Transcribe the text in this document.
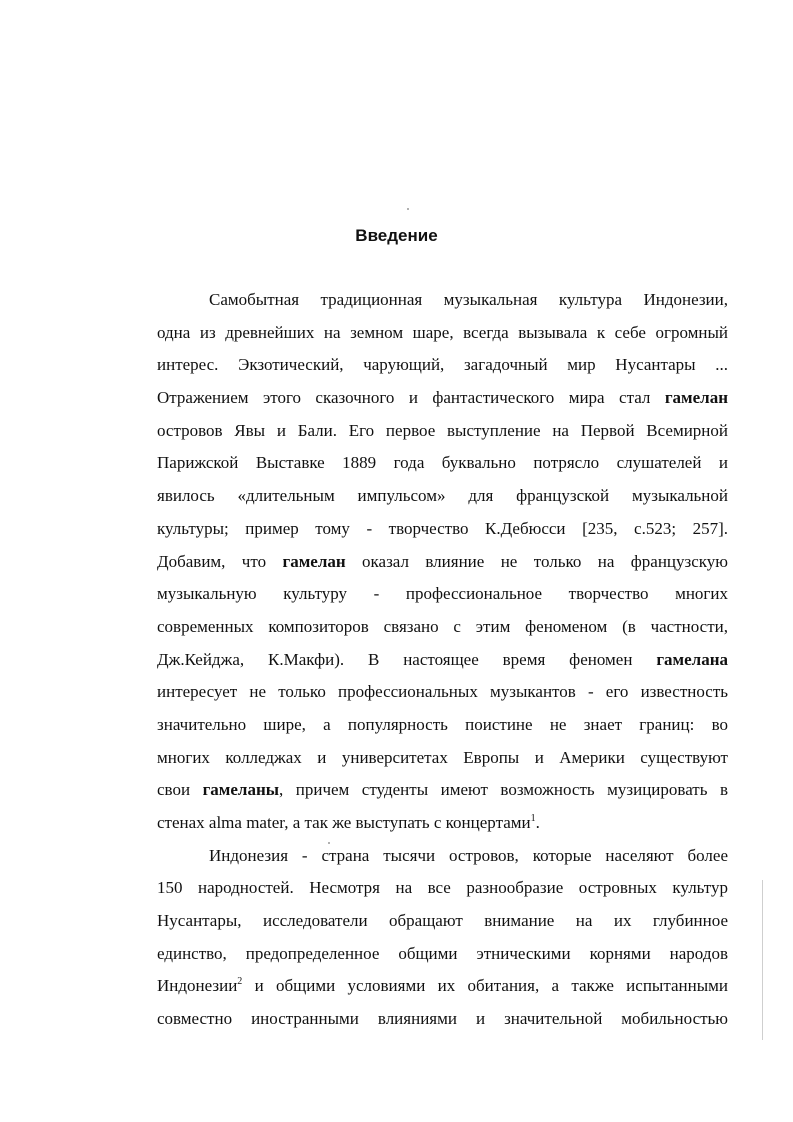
Введение
Самобытная традиционная музыкальная культура Индонезии,
одна из древнейших на земном шаре, всегда вызывала к себе огромный
интерес. Экзотический, чарующий, загадочный мир Нусантары ...
Отражением этого сказочного и фантастического мира стал гамелан
островов Явы и Бали. Его первое выступление на Первой Всемирной
Парижской Выставке 1889 года буквально потрясло слушателей и
явилось «длительным импульсом» для французской музыкальной
культуры; пример тому - творчество К.Дебюсси [235, с.523; 257].
Добавим, что гамелан оказал влияние не только на французскую
музыкальную культуру - профессиональное творчество многих
современных композиторов связано с этим феноменом (в частности,
Дж.Кейджа, К.Макфи). В настоящее время феномен гамелана
интересует не только профессиональных музыкантов - его известность
значительно шире, а популярность поистине не знает границ: во
многих колледжах и университетах Европы и Америки существуют
свои гамеланы, причем студенты имеют возможность музицировать в
стенах alma mater, а так же выступать с концертами$^1$.
Индонезия - страна тысячи островов, которые населяют более
150 народностей. Несмотря на все разнообразие островных культур
Нусантары, исследователи обращают внимание на их глубинное
единство, предопределенное общими этническими корнями народов
Индонезии$^2$ и общими условиями их обитания, а также испытанными
совместно иностранными влияниями и значительной мобильностью
